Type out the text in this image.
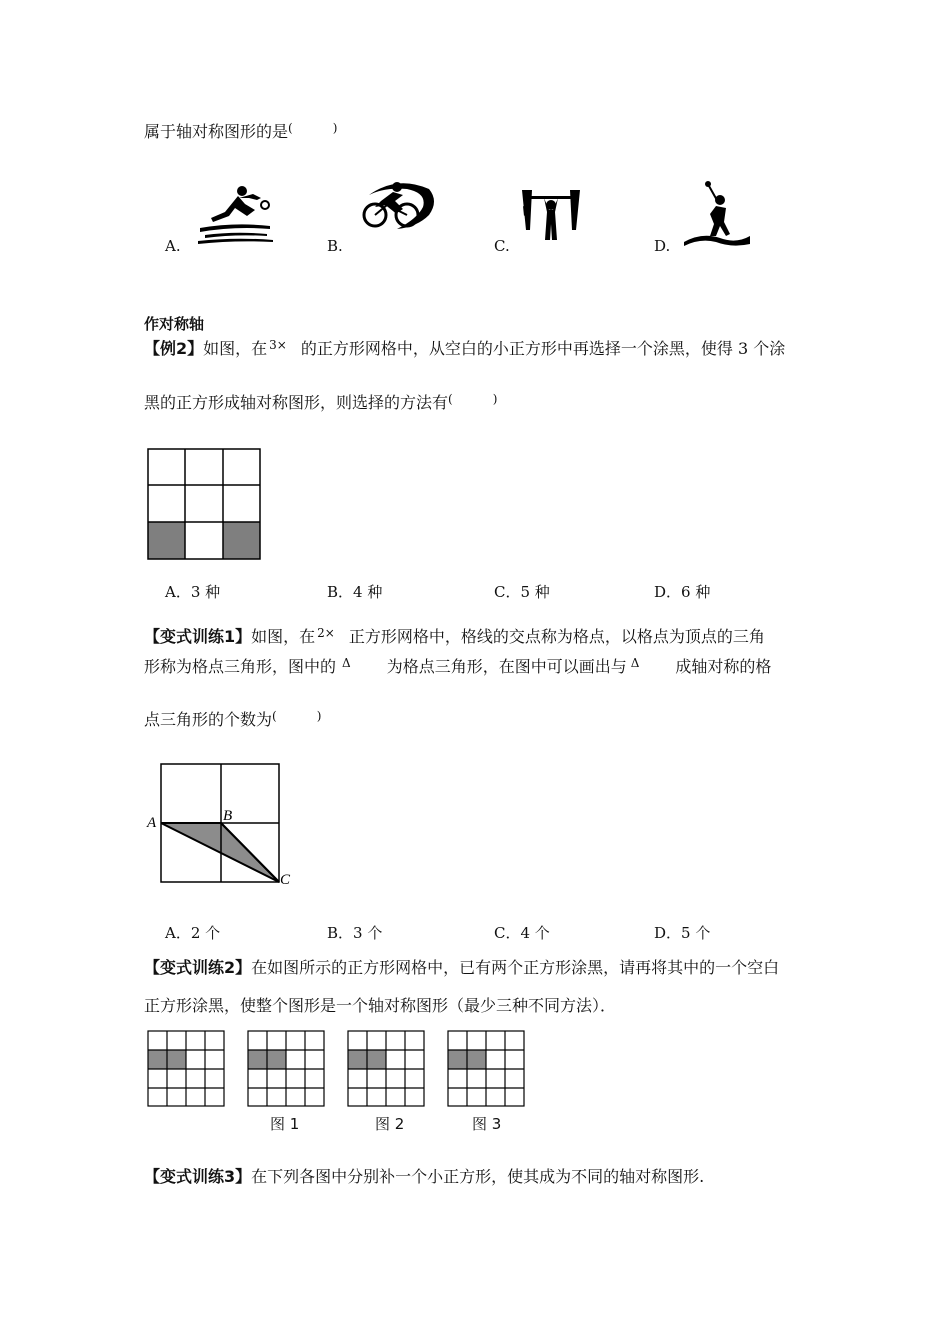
属于轴对称图形的是(	)
A.	B.	C.	D.
作对称轴
【例2】如图，在 3× 的正方形网格中，从空白的小正方形中再选择一个涂黑，使得 3 个涂
黑的正方形成轴对称图形，则选择的方法有(	)
A．3 种	B．4 种	C．5 种	D．6 种
【变式训练1】如图，在 2× 正方形网格中，格线的交点称为格点，以格点为顶点的三角
形称为格点三角形，图中的 Δ 为格点三角形，在图中可以画出与 Δ 成轴对称的格
点三角形的个数为(	)
A	B
C
A．2 个	B．3 个	C．4 个	D．5 个
【变式训练2】在如图所示的正方形网格中，已有两个正方形涂黑，请再将其中的一个空白
正方形涂黑，使整个图形是一个轴对称图形（最少三种不同方法）．
图 1	图 2	图 3
【变式训练3】在下列各图中分别补一个小正方形，使其成为不同的轴对称图形.
